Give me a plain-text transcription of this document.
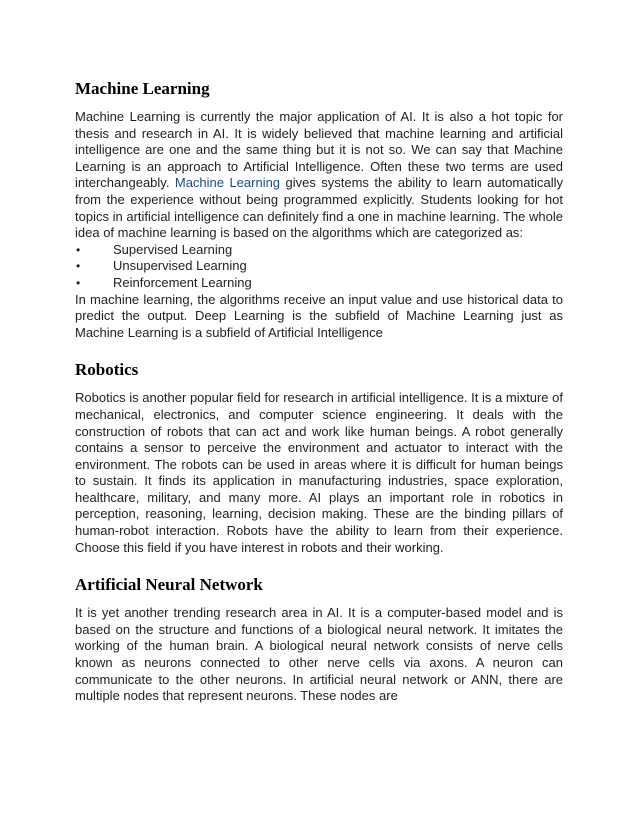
Machine Learning

Machine Learning is currently the major application of AI. It is also a hot topic for thesis and research in AI. It is widely believed that machine learning and artificial intelligence are one and the same thing but it is not so. We can say that Machine Learning is an approach to Artificial Intelligence. Often these two terms are used interchangeably. Machine Learning gives systems the ability to learn automatically from the experience without being programmed explicitly. Students looking for hot topics in artificial intelligence can definitely find a one in machine learning. The whole idea of machine learning is based on the algorithms which are categorized as:

•	Supervised Learning
•	Unsupervised Learning
•	Reinforcement Learning

In machine learning, the algorithms receive an input value and use historical data to predict the output. Deep Learning is the subfield of Machine Learning just as Machine Learning is a subfield of Artificial Intelligence

Robotics

Robotics is another popular field for research in artificial intelligence. It is a mixture of mechanical, electronics, and computer science engineering. It deals with the construction of robots that can act and work like human beings. A robot generally contains a sensor to perceive the environment and actuator to interact with the environment. The robots can be used in areas where it is difficult for human beings to sustain. It finds its application in manufacturing industries, space exploration, healthcare, military, and many more. AI plays an important role in robotics in perception, reasoning, learning, decision making. These are the binding pillars of human-robot interaction. Robots have the ability to learn from their experience. Choose this field if you have interest in robots and their working.

Artificial Neural Network

It is yet another trending research area in AI. It is a computer-based model and is based on the structure and functions of a biological neural network. It imitates the working of the human brain. A biological neural network consists of nerve cells known as neurons connected to other nerve cells via axons. A neuron can communicate to the other neurons. In artificial neural network or ANN, there are multiple nodes that represent neurons. These nodes are
